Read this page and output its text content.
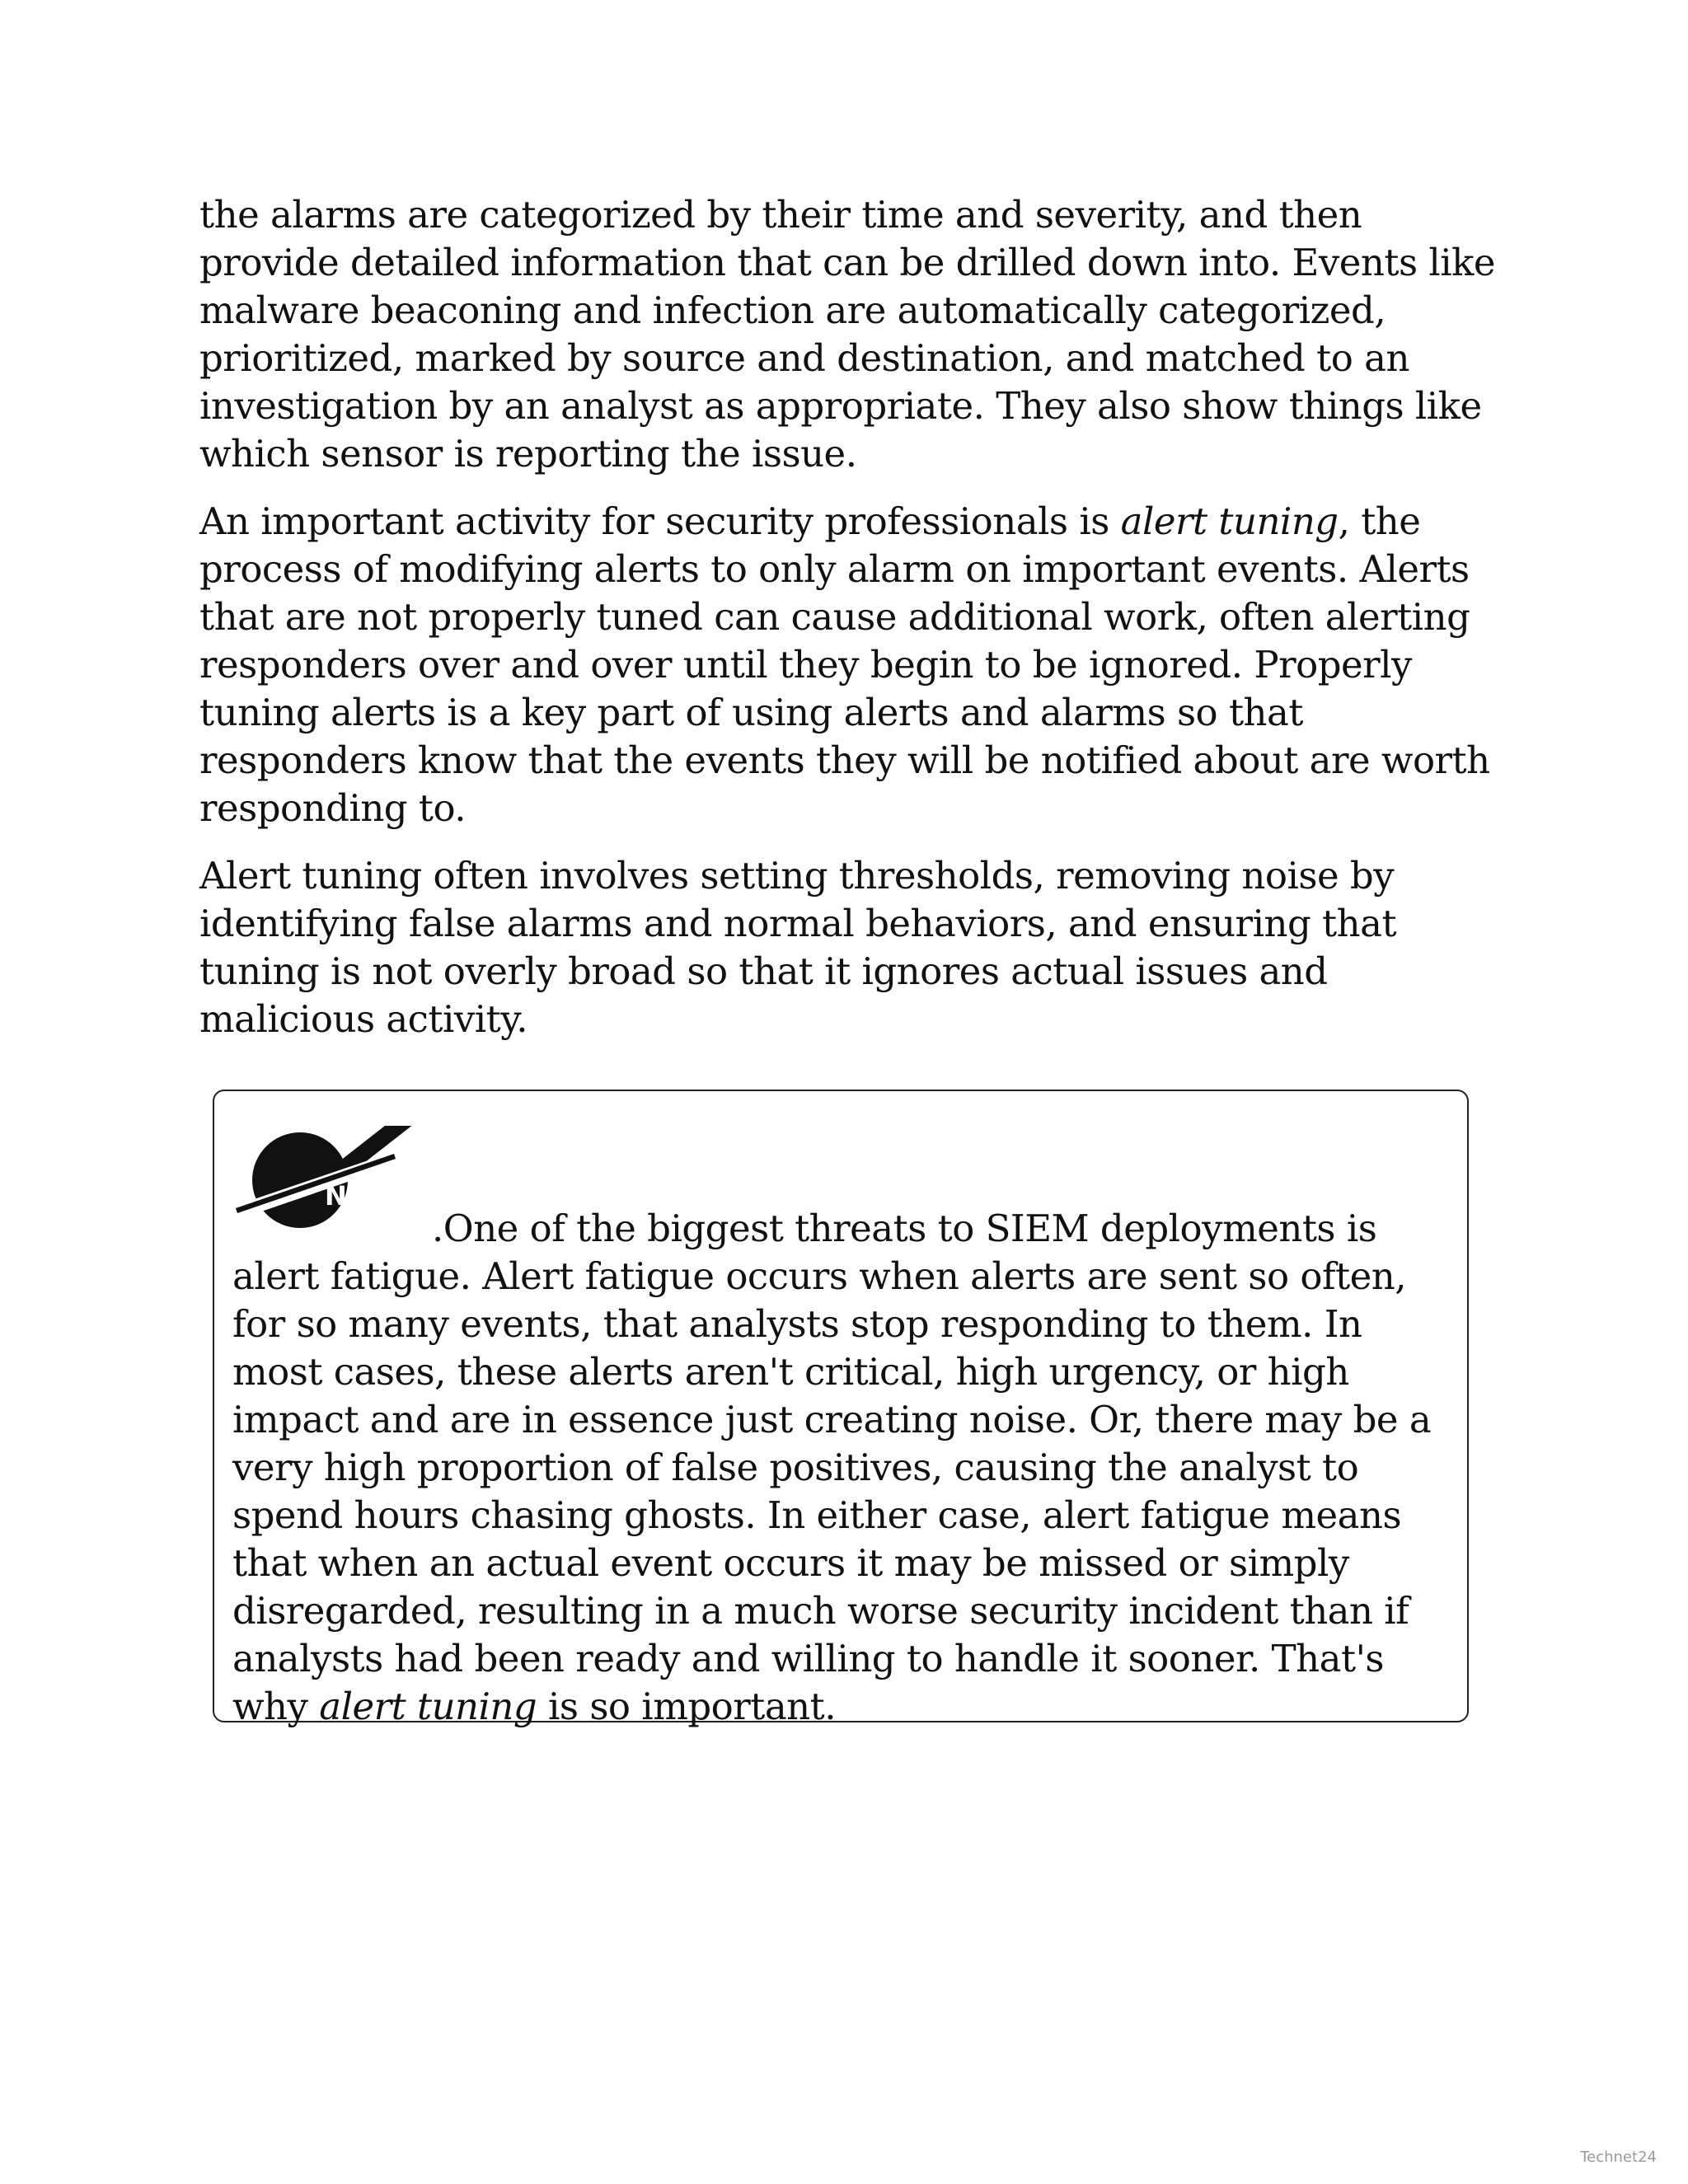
the alarms are categorized by their time and severity, and then provide detailed information that can be drilled down into. Events like malware beaconing and infection are automatically categorized, prioritized, marked by source and destination, and matched to an investigation by an analyst as appropriate. They also show things like which sensor is reporting the issue.

An important activity for security professionals is alert tuning, the process of modifying alerts to only alarm on important events. Alerts that are not properly tuned can cause additional work, often alerting responders over and over until they begin to be ignored. Properly tuning alerts is a key part of using alerts and alarms so that responders know that the events they will be notified about are worth responding to.

Alert tuning often involves setting thresholds, removing noise by identifying false alarms and normal behaviors, and ensuring that tuning is not overly broad so that it ignores actual issues and malicious activity.

NOTE

.One of the biggest threats to SIEM deployments is alert fatigue. Alert fatigue occurs when alerts are sent so often, for so many events, that analysts stop responding to them. In most cases, these alerts aren't critical, high urgency, or high impact and are in essence just creating noise. Or, there may be a very high proportion of false positives, causing the analyst to spend hours chasing ghosts. In either case, alert fatigue means that when an actual event occurs it may be missed or simply disregarded, resulting in a much worse security incident than if analysts had been ready and willing to handle it sooner. That's why alert tuning is so important.

Technet24
